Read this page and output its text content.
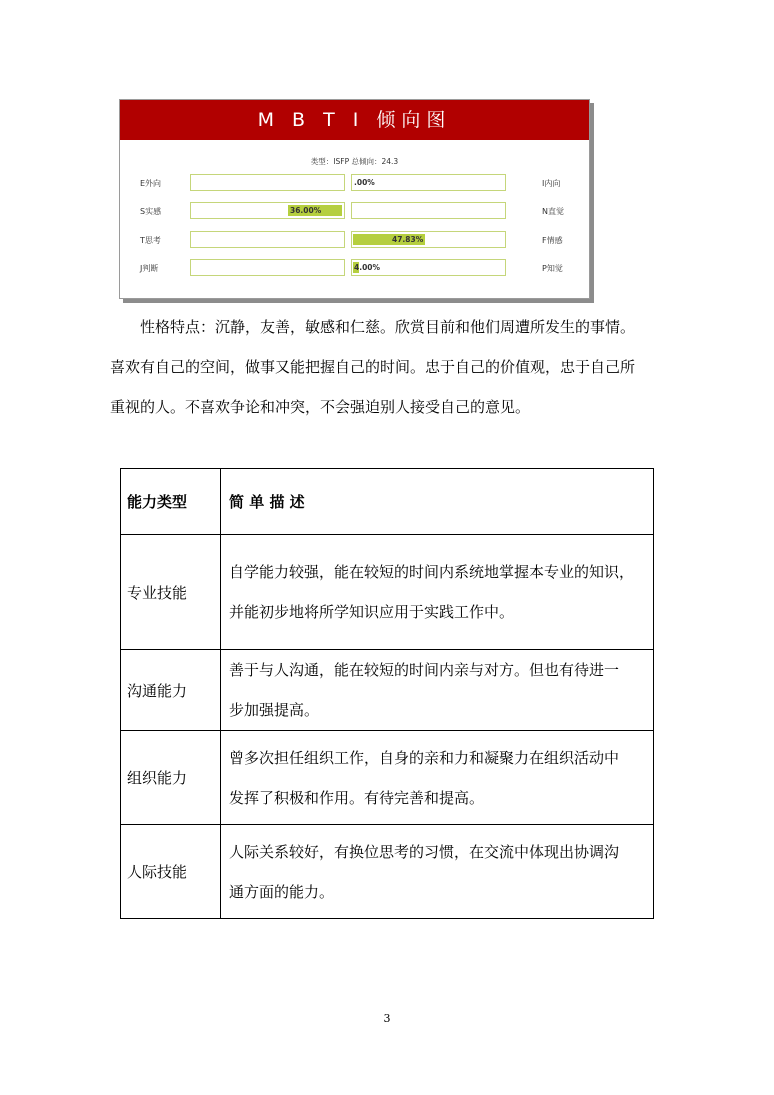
M B T I 倾向图
类型：ISFP 总倾向：24.3
E外向	I内向
.00%
S实感	N直觉
36.00%
T思考	F情感
47.83%
J判断	P知觉
4.00%
性格特点：沉静，友善，敏感和仁慈。欣赏目前和他们周遭所发生的事情。
喜欢有自己的空间，做事又能把握自己的时间。忠于自己的价值观，忠于自己所
重视的人。不喜欢争论和冲突，不会强迫别人接受自己的意见。
能力类型	简 单 描 述
专业技能	自学能力较强，能在较短的时间内系统地掌握本专业的知识，
并能初步地将所学知识应用于实践工作中。

沟通能力	善于与人沟通，能在较短的时间内亲与对方。但也有待进一
步加强提高。

组织能力	曾多次担任组织工作，自身的亲和力和凝聚力在组织活动中
发挥了积极和作用。有待完善和提高。

人际技能	人际关系较好，有换位思考的习惯，在交流中体现出协调沟
通方面的能力。
3
